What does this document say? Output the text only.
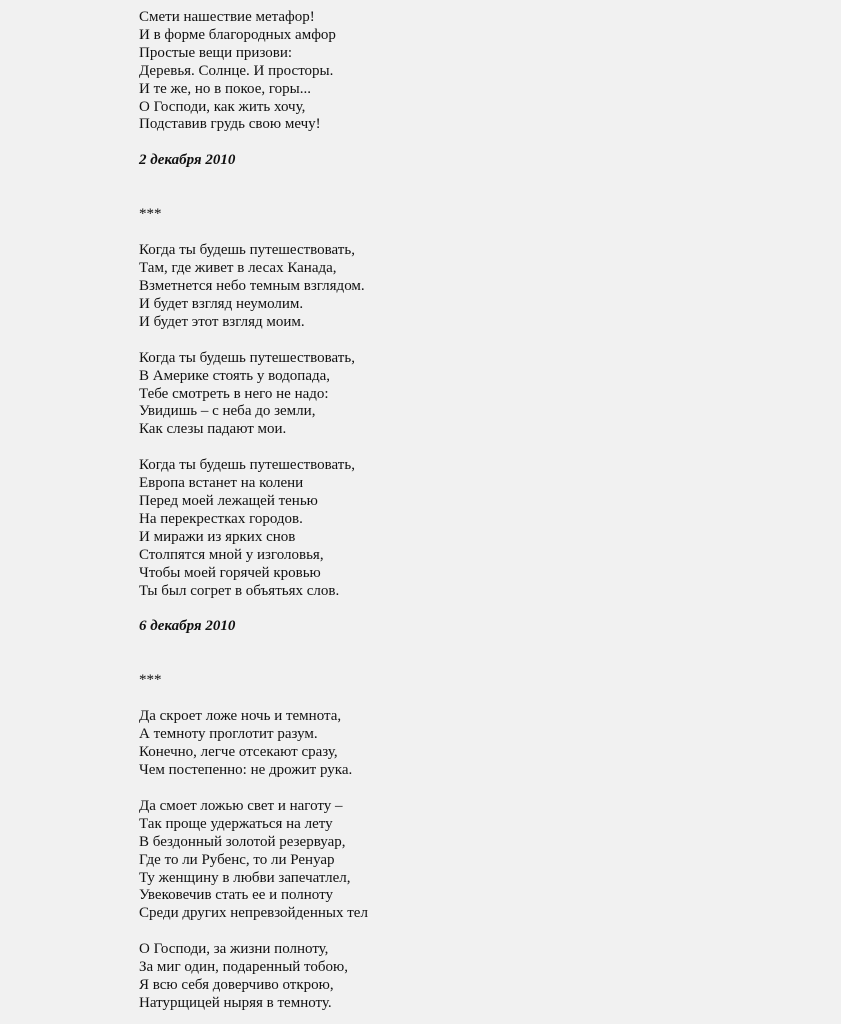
Смети нашествие метафор!
И в форме благородных амфор
Простые вещи призови:
Деревья. Солнце. И просторы.
И те же, но в покое, горы...
О Господи, как жить хочу,
Подставив грудь свою мечу!
2 декабря 2010
***
Когда ты будешь путешествовать,
Там, где живет в лесах Канада,
Взметнется небо темным взглядом.
И будет взгляд неумолим.
И будет этот взгляд моим.
Когда ты будешь путешествовать,
В Америке стоять у водопада,
Тебе смотреть в него не надо:
Увидишь – с неба до земли,
Как слезы падают мои.
Когда ты будешь путешествовать,
Европа встанет на колени
Перед моей лежащей тенью
На перекрестках городов.
И миражи из ярких снов
Столпятся мной у изголовья,
Чтобы моей горячей кровью
Ты был согрет в объятьях слов.
6 декабря 2010
***
Да скроет ложе ночь и темнота,
А темноту проглотит разум.
Конечно, легче отсекают сразу,
Чем постепенно: не дрожит рука.
Да смоет ложью свет и наготу –
Так проще удержаться на лету
В бездонный золотой резервуар,
Где то ли Рубенс, то ли Ренуар
Ту женщину в любви запечатлел,
Увековечив стать ее и полноту
Среди других непревзойденных тел
О Господи, за жизни полноту,
За миг один, подаренный тобою,
Я всю себя доверчиво открою,
Натурщицей ныряя в темноту.
